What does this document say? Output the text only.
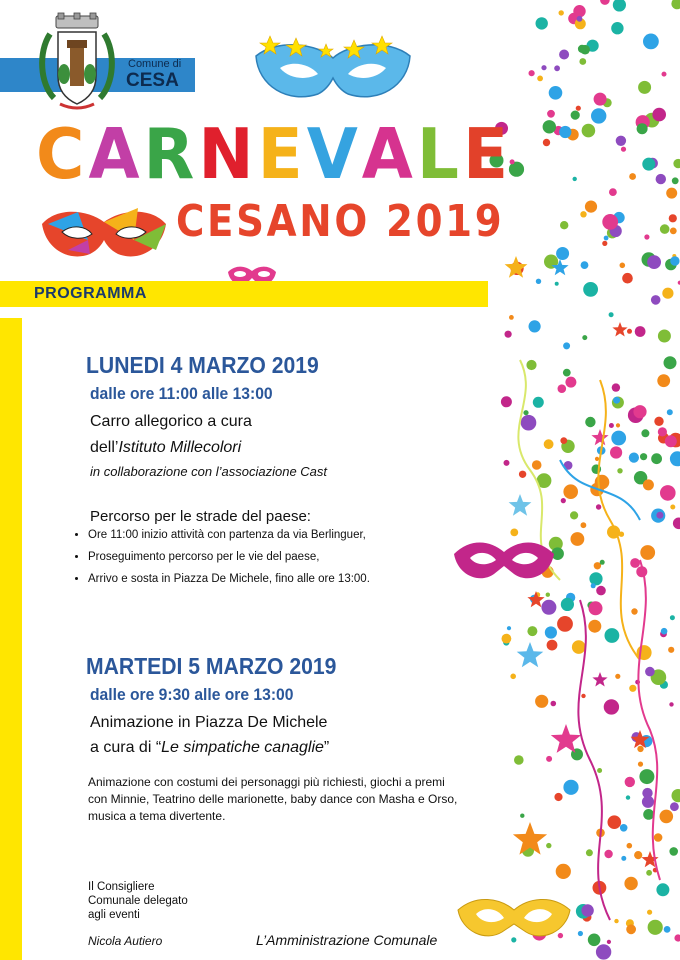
Comune di
CESA
CARNEVALE
CESANO 2019
PROGRAMMA
LUNEDI 4 MARZO 2019
dalle ore 11:00 alle 13:00
Carro allegorico a cura
dell’Istituto Millecolori
in collaborazione con l’associazione Cast
Percorso per le strade del paese:
• Ore 11:00 inizio attività con partenza da via Berlinguer,
• Proseguimento percorso per le vie del paese,
• Arrivo e sosta in Piazza De Michele, fino alle ore 13:00.
MARTEDI 5 MARZO 2019
dalle ore 9:30 alle ore 13:00
Animazione in Piazza De Michele
a cura di “Le simpatiche canaglie”
Animazione con costumi dei personaggi più richiesti, giochi a premi con Minnie, Teatrino delle marionette, baby dance con Masha e Orso, musica a tema divertente.
Il Consigliere
Comunale delegato
agli eventi
Nicola Autiero	L’Amministrazione Comunale
